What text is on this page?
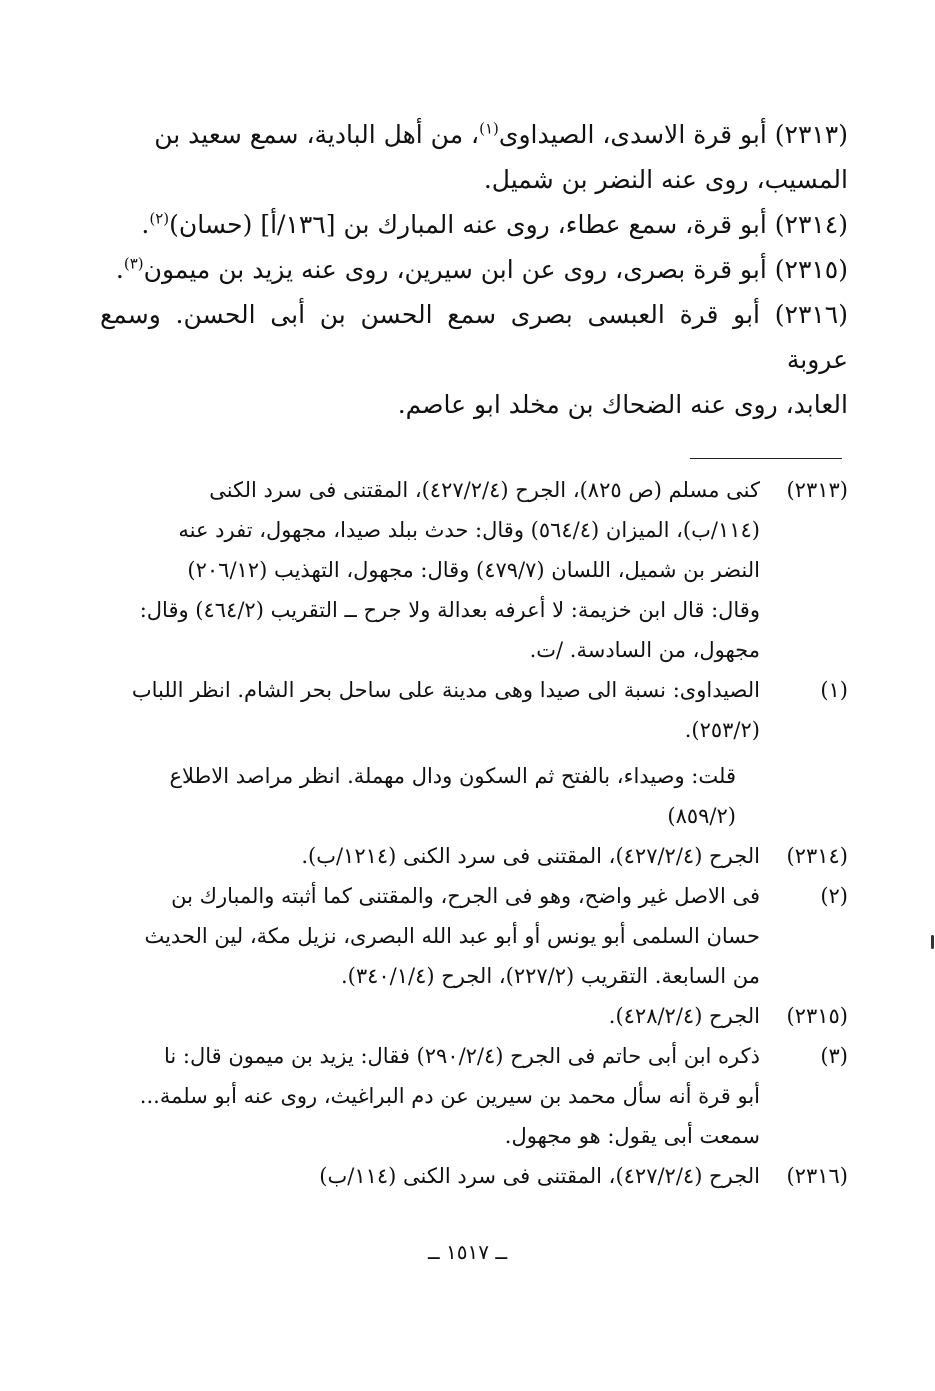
(٢٣١٣) أبو قرة الاسدى، الصيداوى$^{(١)}$، من أهل البادية، سمع سعيد بن

المسيب، روى عنه النضر بن شميل.

(٢٣١٤) أبو قرة، سمع عطاء، روى عنه المبارك بن [١٣٦/أ] (حسان)$^{(٢)}$.

(٢٣١٥) أبو قرة بصرى، روى عن ابن سيرين، روى عنه يزيد بن ميمون$^{(٣)}$.

(٢٣١٦) أبو قرة العبسى بصرى سمع الحسن بن أبى الحسن. وسمع عروبة

العابد، روى عنه الضحاك بن مخلد ابو عاصم.

(٢٣١٣)
كنى مسلم (ص ٨٢٥)، الجرح (٤٢٧/٢/٤)، المقتنى فى سرد الكنى
(١١٤/ب)، الميزان (٥٦٤/٤) وقال: حدث ببلد صيدا، مجهول، تفرد عنه
النضر بن شميل، اللسان (٤٧٩/٧) وقال: مجهول، التهذيب (٢٠٦/١٢)
وقال: قال ابن خزيمة: لا أعرفه بعدالة ولا جرح ــ التقريب (٤٦٤/٢) وقال:
مجهول، من السادسة. /ت.
(١)
الصيداوى: نسبة الى صيدا وهى مدينة على ساحل بحر الشام. انظر اللباب
(٢٥٣/٢).
قلت: وصيداء، بالفتح ثم السكون ودال مهملة. انظر مراصد الاطلاع
(٨٥٩/٢)
(٢٣١٤)
الجرح (٤٢٧/٢/٤)، المقتنى فى سرد الكنى (١٢١٤/ب).
(٢)
فى الاصل غير واضح، وهو فى الجرح، والمقتنى كما أثبته والمبارك بن
حسان السلمى أبو يونس أو أبو عبد الله البصرى، نزيل مكة، لين الحديث
من السابعة. التقريب (٢٢٧/٢)، الجرح (٣٤٠/١/٤).
(٢٣١٥)
الجرح (٤٢٨/٢/٤).
(٣)
ذكره ابن أبى حاتم فى الجرح (٢٩٠/٢/٤) فقال: يزيد بن ميمون قال: نا
أبو قرة أنه سأل محمد بن سيرين عن دم البراغيث، روى عنه أبو سلمة...
سمعت أبى يقول: هو مجهول.
(٢٣١٦)
الجرح (٤٢٧/٢/٤)، المقتنى فى سرد الكنى (١١٤/ب)
ــ ١٥١٧ ــ
